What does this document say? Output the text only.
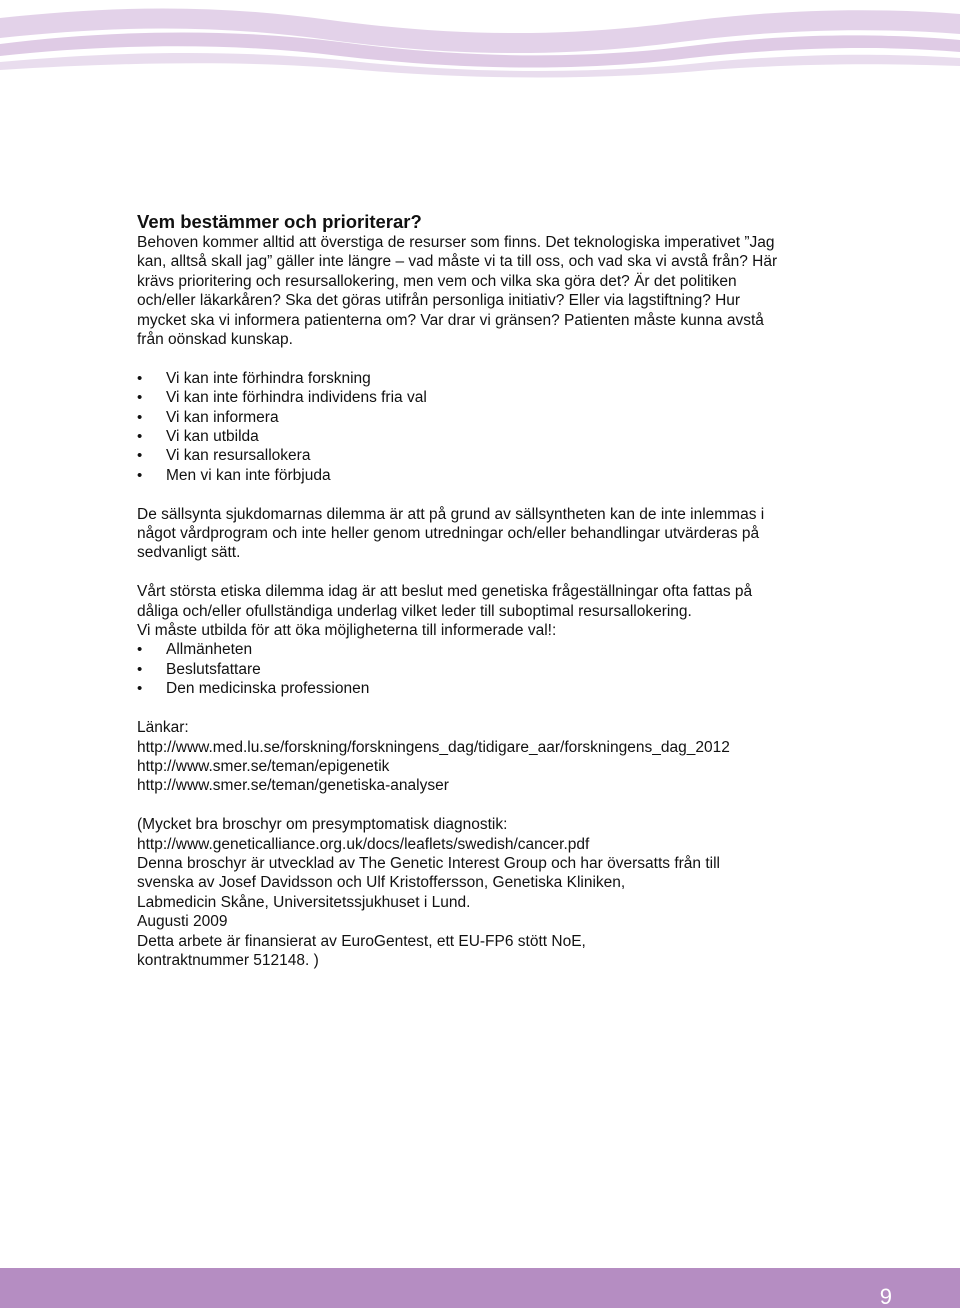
Vem bestämmer och prioriterar?

Behoven kommer alltid att överstiga de resurser som finns. Det teknologiska imperativet ”Jag kan, alltså skall jag” gäller inte längre – vad måste vi ta till oss, och vad ska vi avstå från? Här krävs prioritering och resursallokering, men vem och vilka ska göra det? Är det politiken och/eller läkarkåren? Ska det göras utifrån personliga initiativ? Eller via lagstiftning? Hur mycket ska vi informera patienterna om? Var drar vi gränsen? Patienten måste kunna avstå från oönskad kunskap.

• Vi kan inte förhindra forskning
• Vi kan inte förhindra individens fria val
• Vi kan informera
• Vi kan utbilda
• Vi kan resursallokera
• Men vi kan inte förbjuda

De sällsynta sjukdomarnas dilemma är att på grund av sällsyntheten kan de inte inlemmas i något vårdprogram och inte heller genom utredningar och/eller behandlingar utvärderas på sedvanligt sätt.

Vårt största etiska dilemma idag är att beslut med genetiska frågeställningar ofta fattas på dåliga och/eller ofullständiga underlag vilket leder till suboptimal resursallokering.

Vi måste utbilda för att öka möjligheterna till informerade val!:

• Allmänheten
• Beslutsfattare
• Den medicinska professionen

Länkar:

http://www.med.lu.se/forskning/forskningens_dag/tidigare_aar/forskningens_dag_2012

http://www.smer.se/teman/epigenetik

http://www.smer.se/teman/genetiska-analyser

(Mycket bra broschyr om presymptomatisk diagnostik:

http://www.geneticalliance.org.uk/docs/leaflets/swedish/cancer.pdf

Denna broschyr är utvecklad av The Genetic Interest Group och har översatts från till

svenska av Josef Davidsson och Ulf Kristoffersson, Genetiska Kliniken,

Labmedicin Skåne, Universitetssjukhuset i Lund.

Augusti 2009

Detta arbete är finansierat av EuroGentest, ett EU-FP6 stött NoE,

kontraktnummer 512148. )

9
